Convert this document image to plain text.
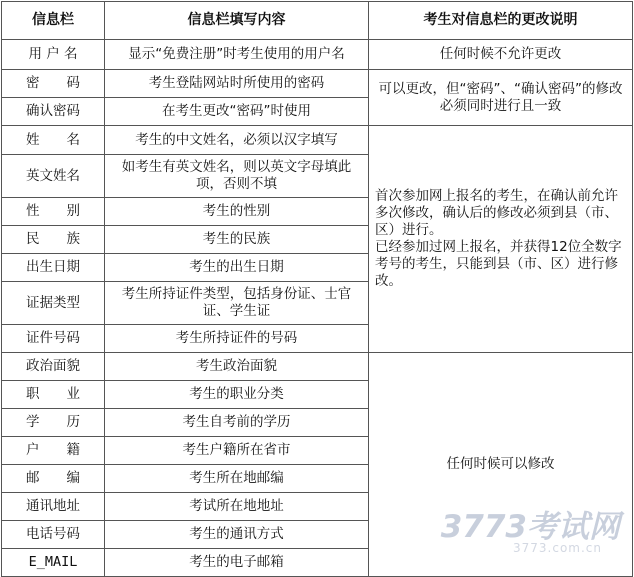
信息栏	信息栏填写内容	考生对信息栏的更改说明
用 户 名	显示“免费注册”时考生使用的用户名	任何时候不允许更改
密　　码	考生登陆网站时所使用的密码	可以更改，但“密码”、“确认密码”的修改必须同时进行且一致
确认密码	在考生更改“密码”时使用	
姓　　名	考生的中文姓名，必须以汉字填写	首次参加网上报名的考生，在确认前允许多次修改，确认后的修改必须到县（市、区）进行。
已经参加过网上报名，并获得12位全数字考号的考生，只能到县（市、区）进行修改。

英文姓名	如考生有英文姓名，则以英文字母填此项，否则不填	
性　　别	考生的性别	
民　　族	考生的民族	
出生日期	考生的出生日期	
证据类型	考生所持证件类型，包括身份证、士官证、学生证	
证件号码	考生所持证件的号码	
政治面貌	考生政治面貌	任何时候可以修改
职　　业	考生的职业分类	
学　　历	考生自考前的学历	
户　　籍	考生户籍所在省市	
邮　　编	考生所在地邮编	
通讯地址	考试所在地地址	
电话号码	考生的通讯方式	
E_MAIL	考生的电子邮箱	
3773考试网
3773.com.cn
